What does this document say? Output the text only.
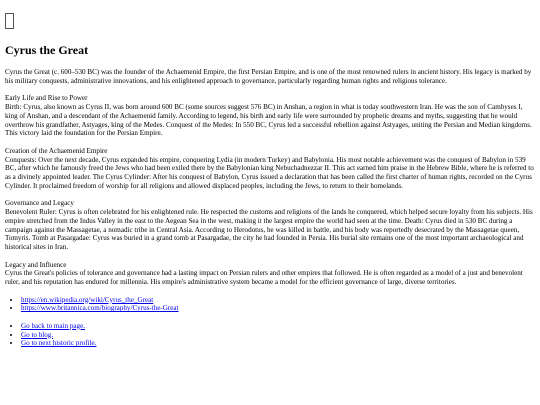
Cyrus the Great

Cyrus the Great (c. 600–530 BC) was the founder of the Achaemenid Empire, the first Persian Empire, and is one of the most renowned rulers in ancient history. His legacy is marked by his military conquests, administrative innovations, and his enlightened approach to governance, particularly regarding human rights and religious tolerance.

Early Life and Rise to Power
Birth: Cyrus, also known as Cyrus II, was born around 600 BC (some sources suggest 576 BC) in Anshan, a region in what is today southwestern Iran. He was the son of Cambyses I, king of Anshan, and a descendant of the Achaemenid family. According to legend, his birth and early life were surrounded by prophetic dreams and myths, suggesting that he would overthrow his grandfather, Astyages, king of the Medes. Conquest of the Medes: In 550 BC, Cyrus led a successful rebellion against Astyages, uniting the Persian and Median kingdoms. This victory laid the foundation for the Persian Empire.

Creation of the Achaemenid Empire
Conquests: Over the next decade, Cyrus expanded his empire, conquering Lydia (in modern Turkey) and Babylonia. His most notable achievement was the conquest of Babylon in 539 BC, after which he famously freed the Jews who had been exiled there by the Babylonian king Nebuchadnezzar II. This act earned him praise in the Hebrew Bible, where he is referred to as a divinely appointed leader. The Cyrus Cylinder: After his conquest of Babylon, Cyrus issued a declaration that has been called the first charter of human rights, recorded on the Cyrus Cylinder. It proclaimed freedom of worship for all religions and allowed displaced peoples, including the Jews, to return to their homelands.

Governance and Legacy
Benevolent Ruler: Cyrus is often celebrated for his enlightened rule. He respected the customs and religions of the lands he conquered, which helped secure loyalty from his subjects. His empire stretched from the Indus Valley in the east to the Aegean Sea in the west, making it the largest empire the world had seen at the time. Death: Cyrus died in 530 BC during a campaign against the Massagetae, a nomadic tribe in Central Asia. According to Herodotus, he was killed in battle, and his body was reportedly desecrated by the Massagetae queen, Tomyris. Tomb at Pasargadae: Cyrus was buried in a grand tomb at Pasargadae, the city he had founded in Persia. His burial site remains one of the most important archaeological and historical sites in Iran.

Legacy and Influence
Cyrus the Great's policies of tolerance and governance had a lasting impact on Persian rulers and other empires that followed. He is often regarded as a model of a just and benevolent ruler, and his reputation has endured for millennia. His empire's administrative system became a model for the efficient governance of large, diverse territories.

• https://en.wikipedia.org/wiki/Cyrus_the_Great
• https://www.britannica.com/biography/Cyrus-the-Great
• Go back to main page.
• Go to blog.
• Go to next historic profile.
